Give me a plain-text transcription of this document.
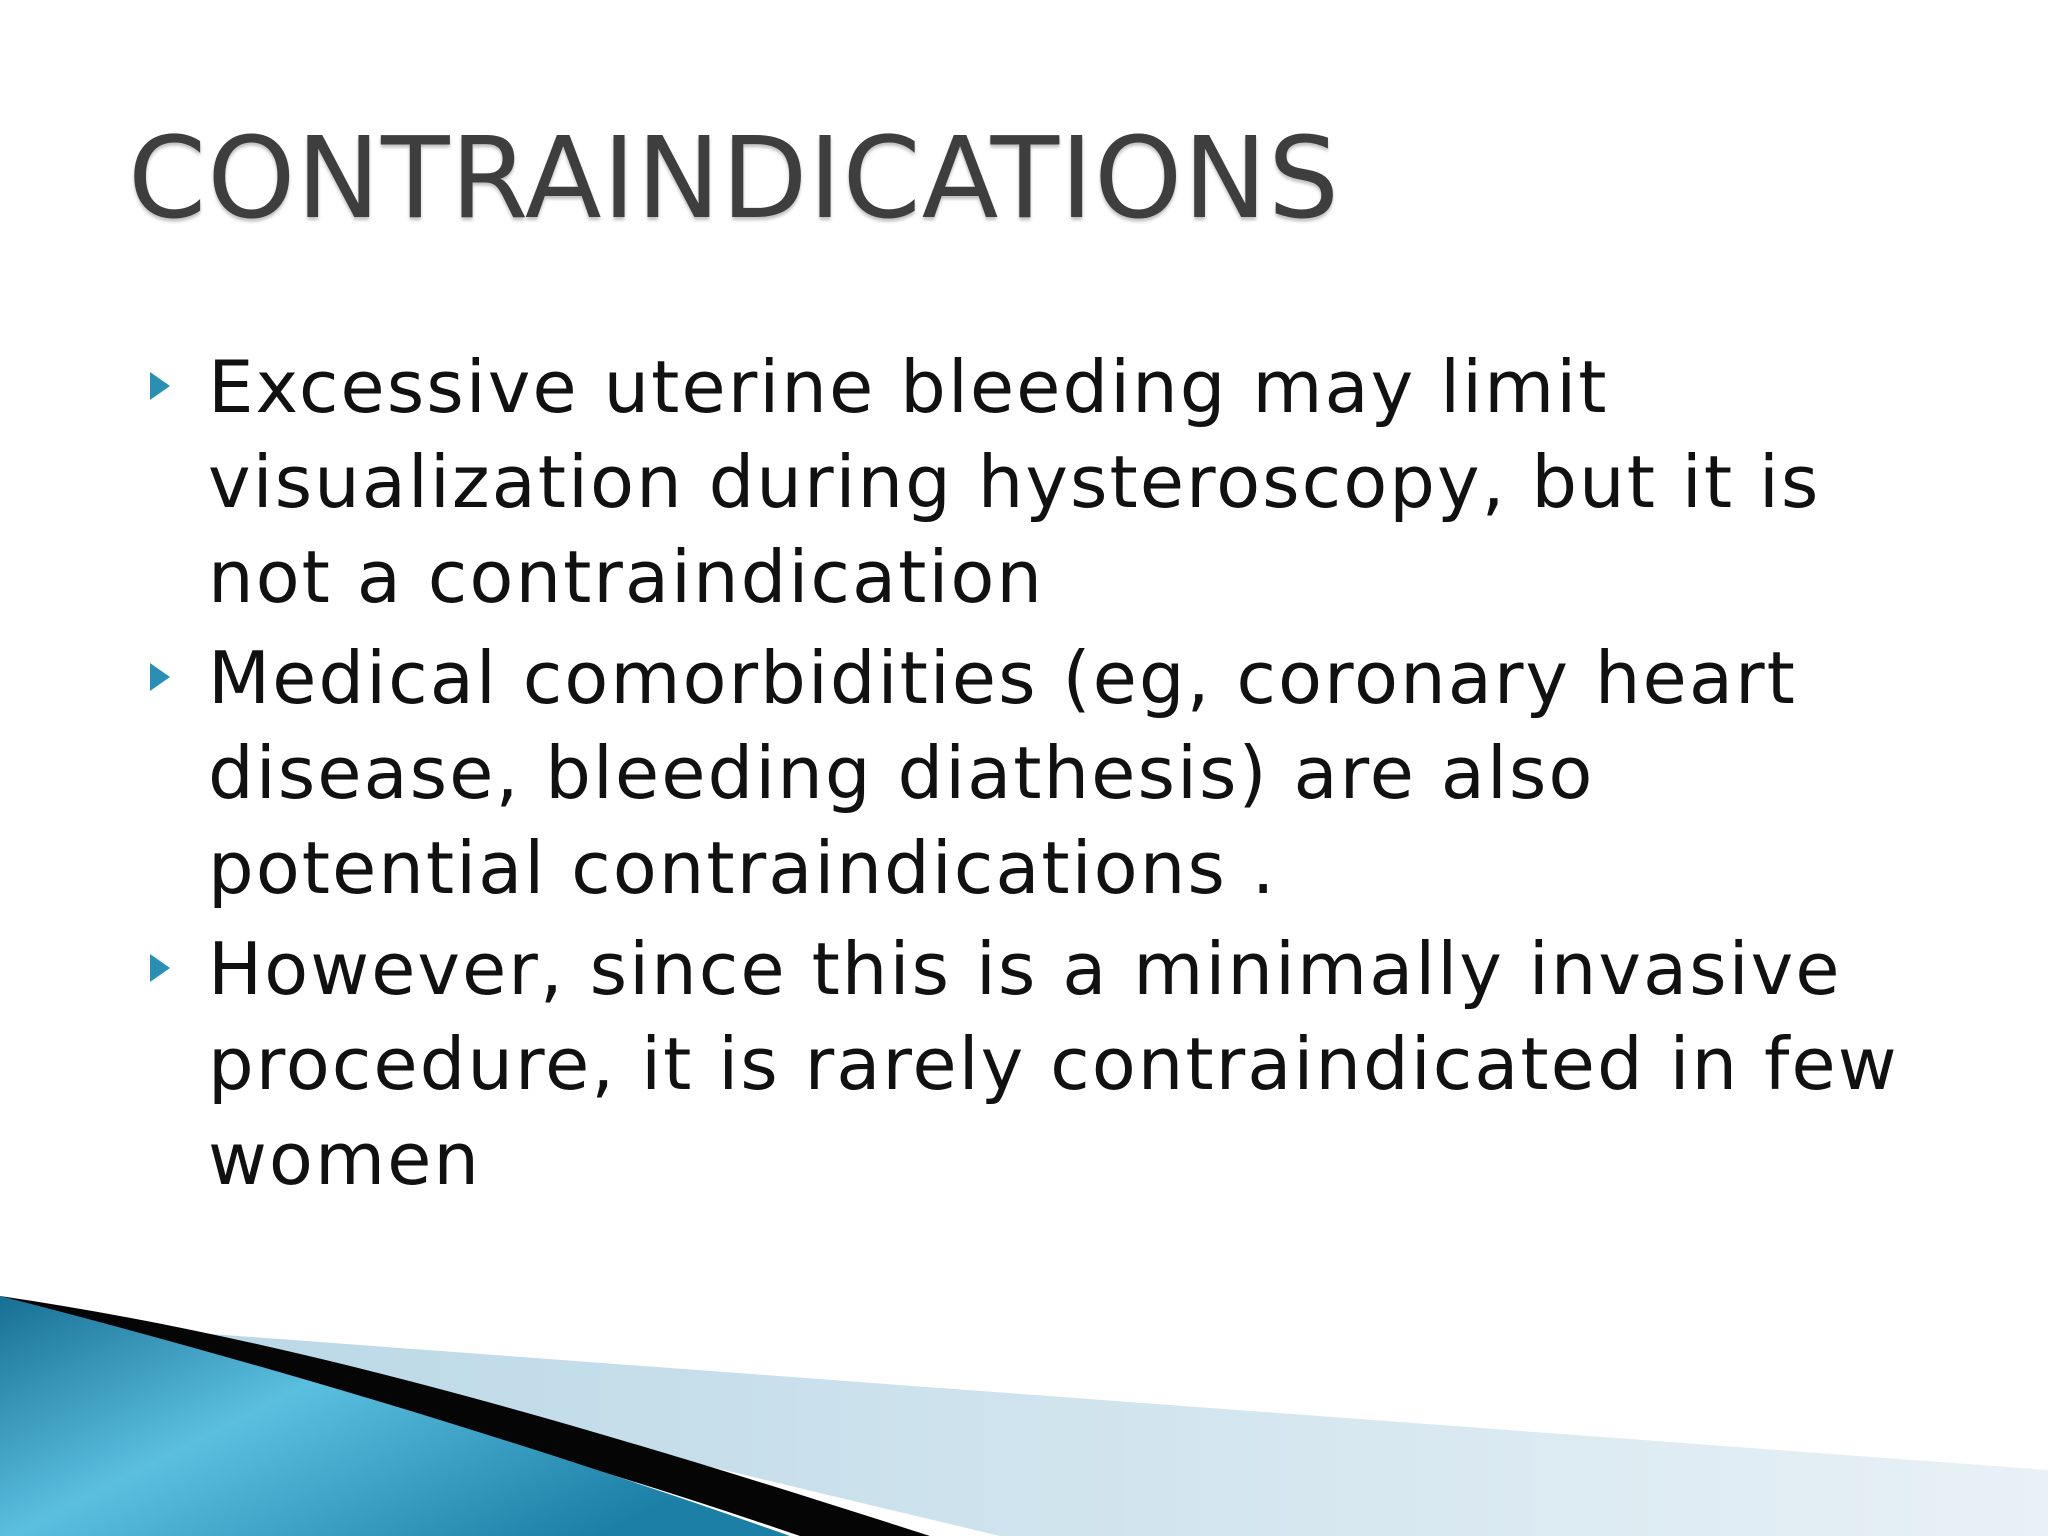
CONTRAINDICATIONS
Excessive uterine bleeding may limit visualization during hysteroscopy, but it is not a contraindication
Medical comorbidities (eg, coronary heart disease, bleeding diathesis) are also potential contraindications .
However, since this is a minimally invasive procedure, it is rarely contraindicated in few women
